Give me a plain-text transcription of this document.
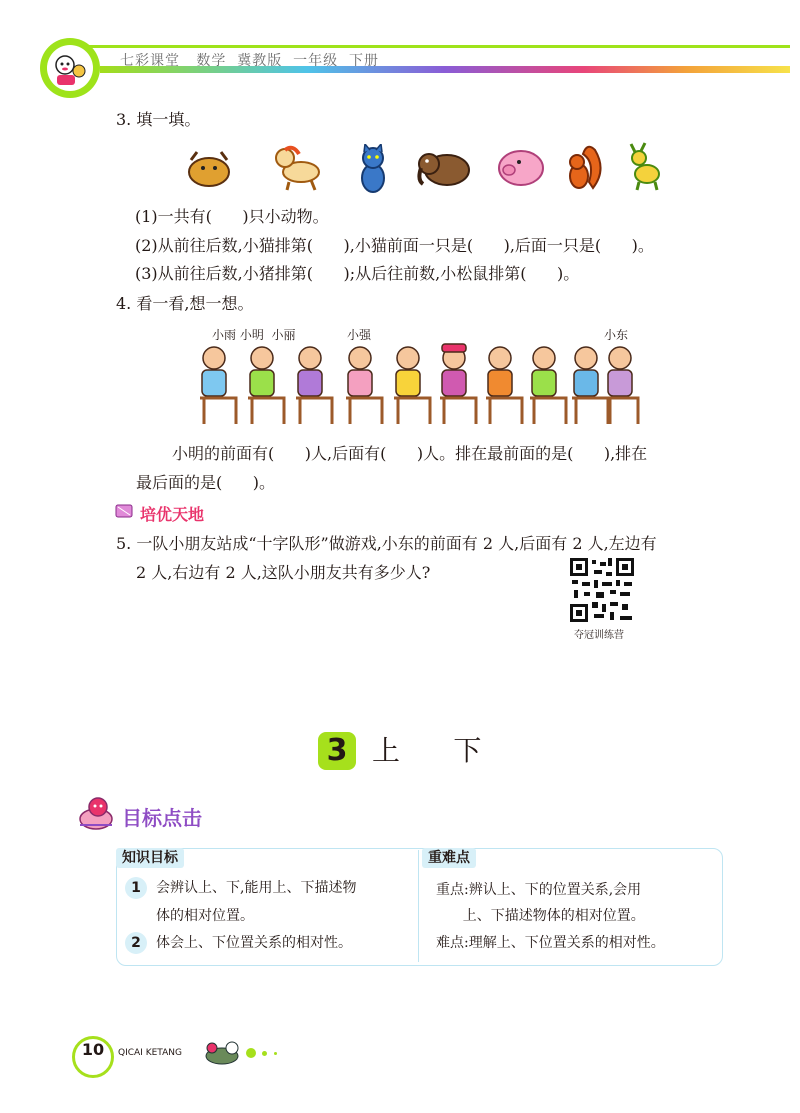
七彩课堂   数学  冀教版  一年级  下册
3. 填一填。
(1)一共有(      )只小动物。
(2)从前往后数,小猫排第(      ),小猫前面一只是(      ),后面一只是(      )。
(3)从前往后数,小猪排第(      );从后往前数,小松鼠排第(      )。
4. 看一看,想一想。
小雨 小明  小丽	小强	小东
小明的前面有(      )人,后面有(      )人。排在最前面的是(      ),排在
最后面的是(      )。
培优天地
5. 一队小朋友站成“十字队形”做游戏,小东的前面有 2 人,后面有 2 人,左边有
2 人,右边有 2 人,这队小朋友共有多少人?
夺冠训练营
3 上      下
目标点击
知识目标	重难点
1	会辨认上、下,能用上、下描述物
体的相对位置。
2	体会上、下位置关系的相对性。
重点:辨认上、下的位置关系,会用
上、下描述物体的相对位置。
难点:理解上、下位置关系的相对性。
10	QICAI KETANG
